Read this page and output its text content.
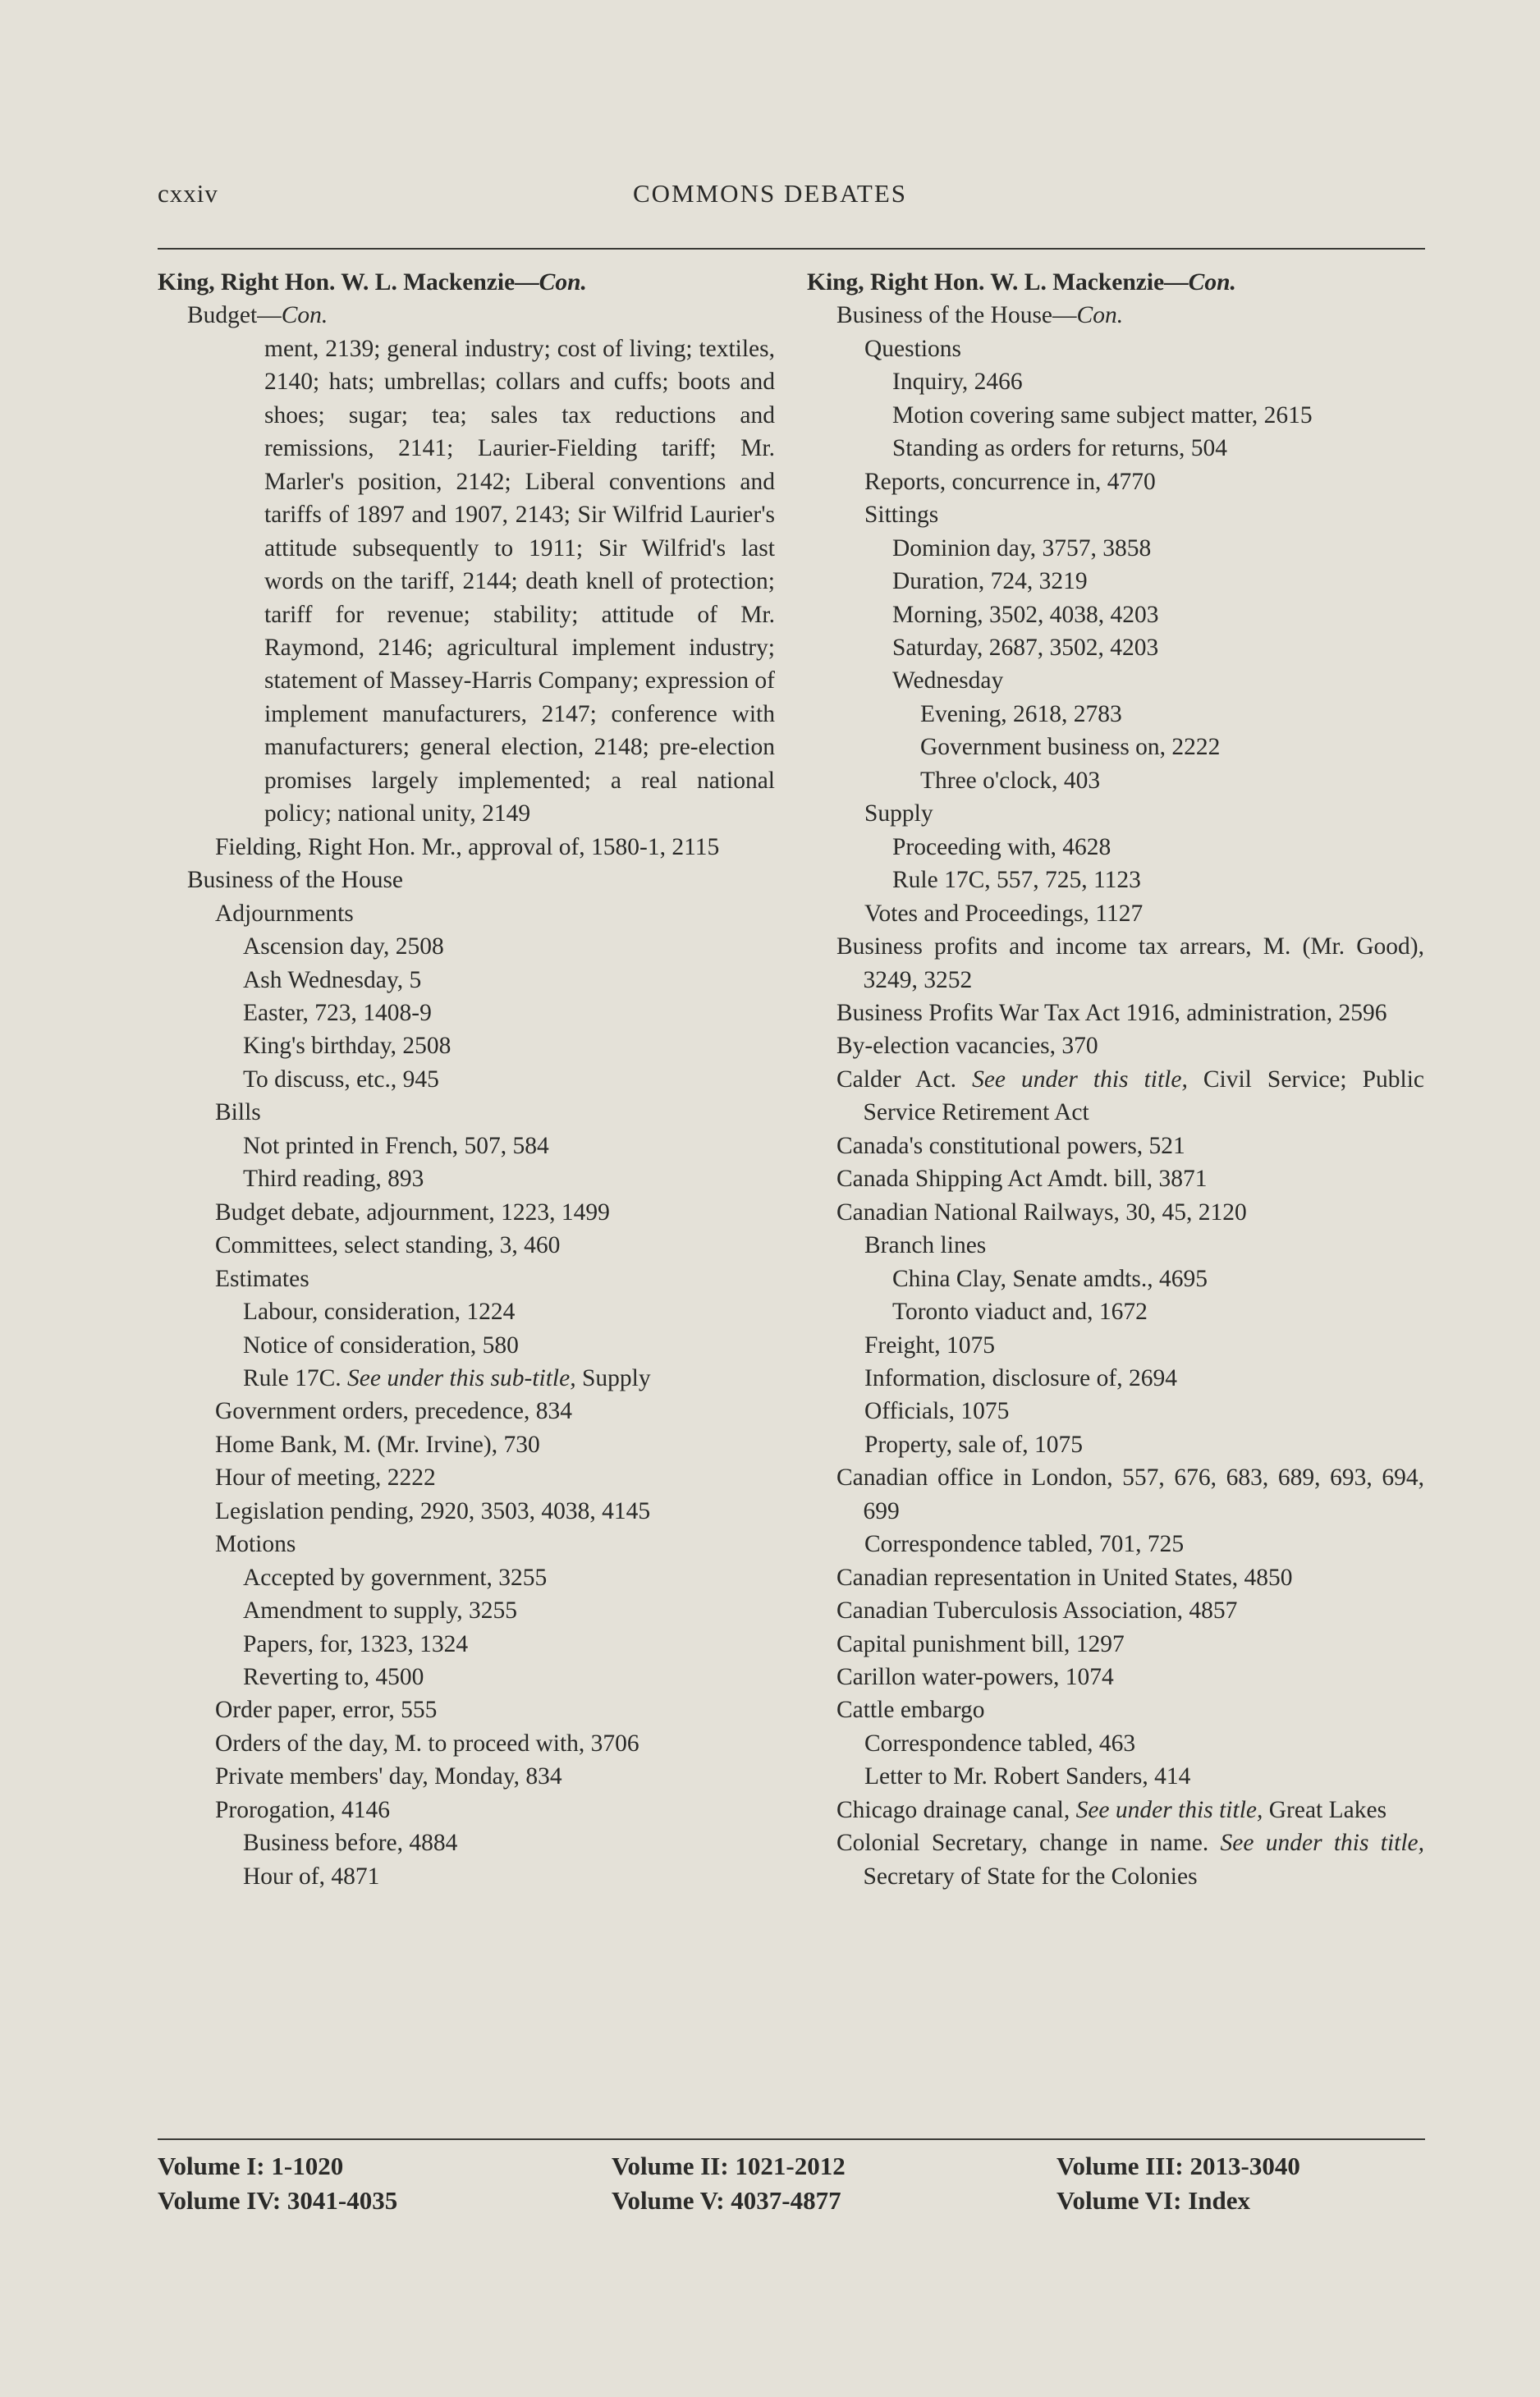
cxxiv	COMMONS DEBATES
King, Right Hon. W. L. Mackenzie—Con.
Budget—Con.
ment, 2139; general industry; cost of living; textiles, 2140; hats; umbrellas; collars and cuffs; boots and shoes; sugar; tea; sales tax reductions and remissions, 2141; Laurier-Fielding tariff; Mr. Marler's position, 2142; Liberal conventions and tariffs of 1897 and 1907, 2143; Sir Wilfrid Laurier's attitude subsequently to 1911; Sir Wilfrid's last words on the tariff, 2144; death knell of protection; tariff for revenue; stability; attitude of Mr. Raymond, 2146; agricultural implement industry; statement of Massey-Harris Company; expression of implement manufacturers, 2147; conference with manufacturers; general election, 2148; pre-election promises largely implemented; a real national policy; national unity, 2149
Fielding, Right Hon. Mr., approval of, 1580-1, 2115
Business of the House
Adjournments
Ascension day, 2508
Ash Wednesday, 5
Easter, 723, 1408-9
King's birthday, 2508
To discuss, etc., 945
Bills
Not printed in French, 507, 584
Third reading, 893
Budget debate, adjournment, 1223, 1499
Committees, select standing, 3, 460
Estimates
Labour, consideration, 1224
Notice of consideration, 580
Rule 17C. See under this sub-title, Supply
Government orders, precedence, 834
Home Bank, M. (Mr. Irvine), 730
Hour of meeting, 2222
Legislation pending, 2920, 3503, 4038, 4145
Motions
Accepted by government, 3255
Amendment to supply, 3255
Papers, for, 1323, 1324
Reverting to, 4500
Order paper, error, 555
Orders of the day, M. to proceed with, 3706
Private members' day, Monday, 834
Prorogation, 4146
Business before, 4884
Hour of, 4871
King, Right Hon. W. L. Mackenzie—Con.
Business of the House—Con.
Questions
Inquiry, 2466
Motion covering same subject matter, 2615
Standing as orders for returns, 504
Reports, concurrence in, 4770
Sittings
Dominion day, 3757, 3858
Duration, 724, 3219
Morning, 3502, 4038, 4203
Saturday, 2687, 3502, 4203
Wednesday
Evening, 2618, 2783
Government business on, 2222
Three o'clock, 403
Supply
Proceeding with, 4628
Rule 17C, 557, 725, 1123
Votes and Proceedings, 1127
Business profits and income tax arrears, M. (Mr. Good), 3249, 3252
Business Profits War Tax Act 1916, administration, 2596
By-election vacancies, 370
Calder Act. See under this title, Civil Service; Public Service Retirement Act
Canada's constitutional powers, 521
Canada Shipping Act Amdt. bill, 3871
Canadian National Railways, 30, 45, 2120
Branch lines
China Clay, Senate amdts., 4695
Toronto viaduct and, 1672
Freight, 1075
Information, disclosure of, 2694
Officials, 1075
Property, sale of, 1075
Canadian office in London, 557, 676, 683, 689, 693, 694, 699
Correspondence tabled, 701, 725
Canadian representation in United States, 4850
Canadian Tuberculosis Association, 4857
Capital punishment bill, 1297
Carillon water-powers, 1074
Cattle embargo
Correspondence tabled, 463
Letter to Mr. Robert Sanders, 414
Chicago drainage canal, See under this title, Great Lakes
Colonial Secretary, change in name. See under this title, Secretary of State for the Colonies
Volume I: 1-1020
Volume IV: 3041-4035
Volume II: 1021-2012
Volume V: 4037-4877
Volume III: 2013-3040
Volume VI: Index
